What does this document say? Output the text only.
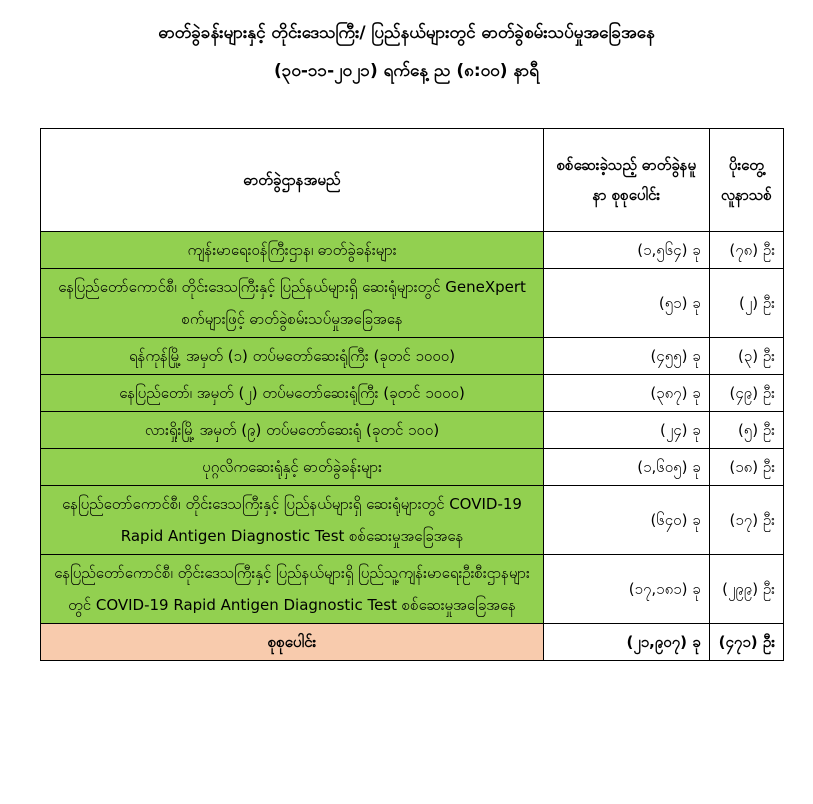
ဓာတ်ခွဲခန်းများနှင့် တိုင်းဒေသကြီး/ ပြည်နယ်များတွင် ဓာတ်ခွဲစမ်းသပ်မှုအခြေအနေ
(၃၀-၁၁-၂၀၂၁) ရက်နေ့ ည (၈:၀၀) နာရီ
ဓာတ်ခွဲဌာနအမည်	စစ်ဆေးခဲ့သည့် ဓာတ်ခွဲနမူနာ စုစုပေါင်း	ပိုးတွေ့ လူနာသစ်
ကျန်းမာရေးဝန်ကြီးဌာန၊ ဓာတ်ခွဲခန်းများ	(၁,၅၆၄) ခု	(၇၈) ဦး
နေပြည်တော်ကောင်စီ၊ တိုင်းဒေသကြီးနှင့် ပြည်နယ်များရှိ ဆေးရုံများတွင် GeneXpert စက်များဖြင့် ဓာတ်ခွဲစမ်းသပ်မှုအခြေအနေ	(၅၁) ခု	(၂) ဦး
ရန်ကုန်မြို့ အမှတ် (၁) တပ်မတော်ဆေးရုံကြီး (ခုတင် ၁၀၀၀)	(၄၅၅) ခု	(၃) ဦး
နေပြည်တော်၊ အမှတ် (၂) တပ်မတော်ဆေးရုံကြီး (ခုတင် ၁၀၀၀)	(၃၈၇) ခု	(၄၉) ဦး
လားရှိုးမြို့ အမှတ် (၉) တပ်မတော်ဆေးရုံ (ခုတင် ၁၀၀)	(၂၄) ခု	(၅) ဦး
ပုဂ္ဂလိကဆေးရုံနှင့် ဓာတ်ခွဲခန်းများ	(၁,၆၀၅) ခု	(၁၈) ဦး
နေပြည်တော်ကောင်စီ၊ တိုင်းဒေသကြီးနှင့် ပြည်နယ်များရှိ ဆေးရုံများတွင် COVID-19 Rapid Antigen Diagnostic Test စစ်ဆေးမှုအခြေအနေ	(၆၄၀) ခု	(၁၇) ဦး
နေပြည်တော်ကောင်စီ၊ တိုင်းဒေသကြီးနှင့် ပြည်နယ်များရှိ ပြည်သူ့ကျန်းမာရေးဦးစီးဌာနများတွင် COVID-19 Rapid Antigen Diagnostic Test စစ်ဆေးမှုအခြေအနေ	(၁၇,၁၈၁) ခု	(၂၉၉) ဦး
စုစုပေါင်း	(၂၁,၉၀၇) ခု	(၄၇၁) ဦး
